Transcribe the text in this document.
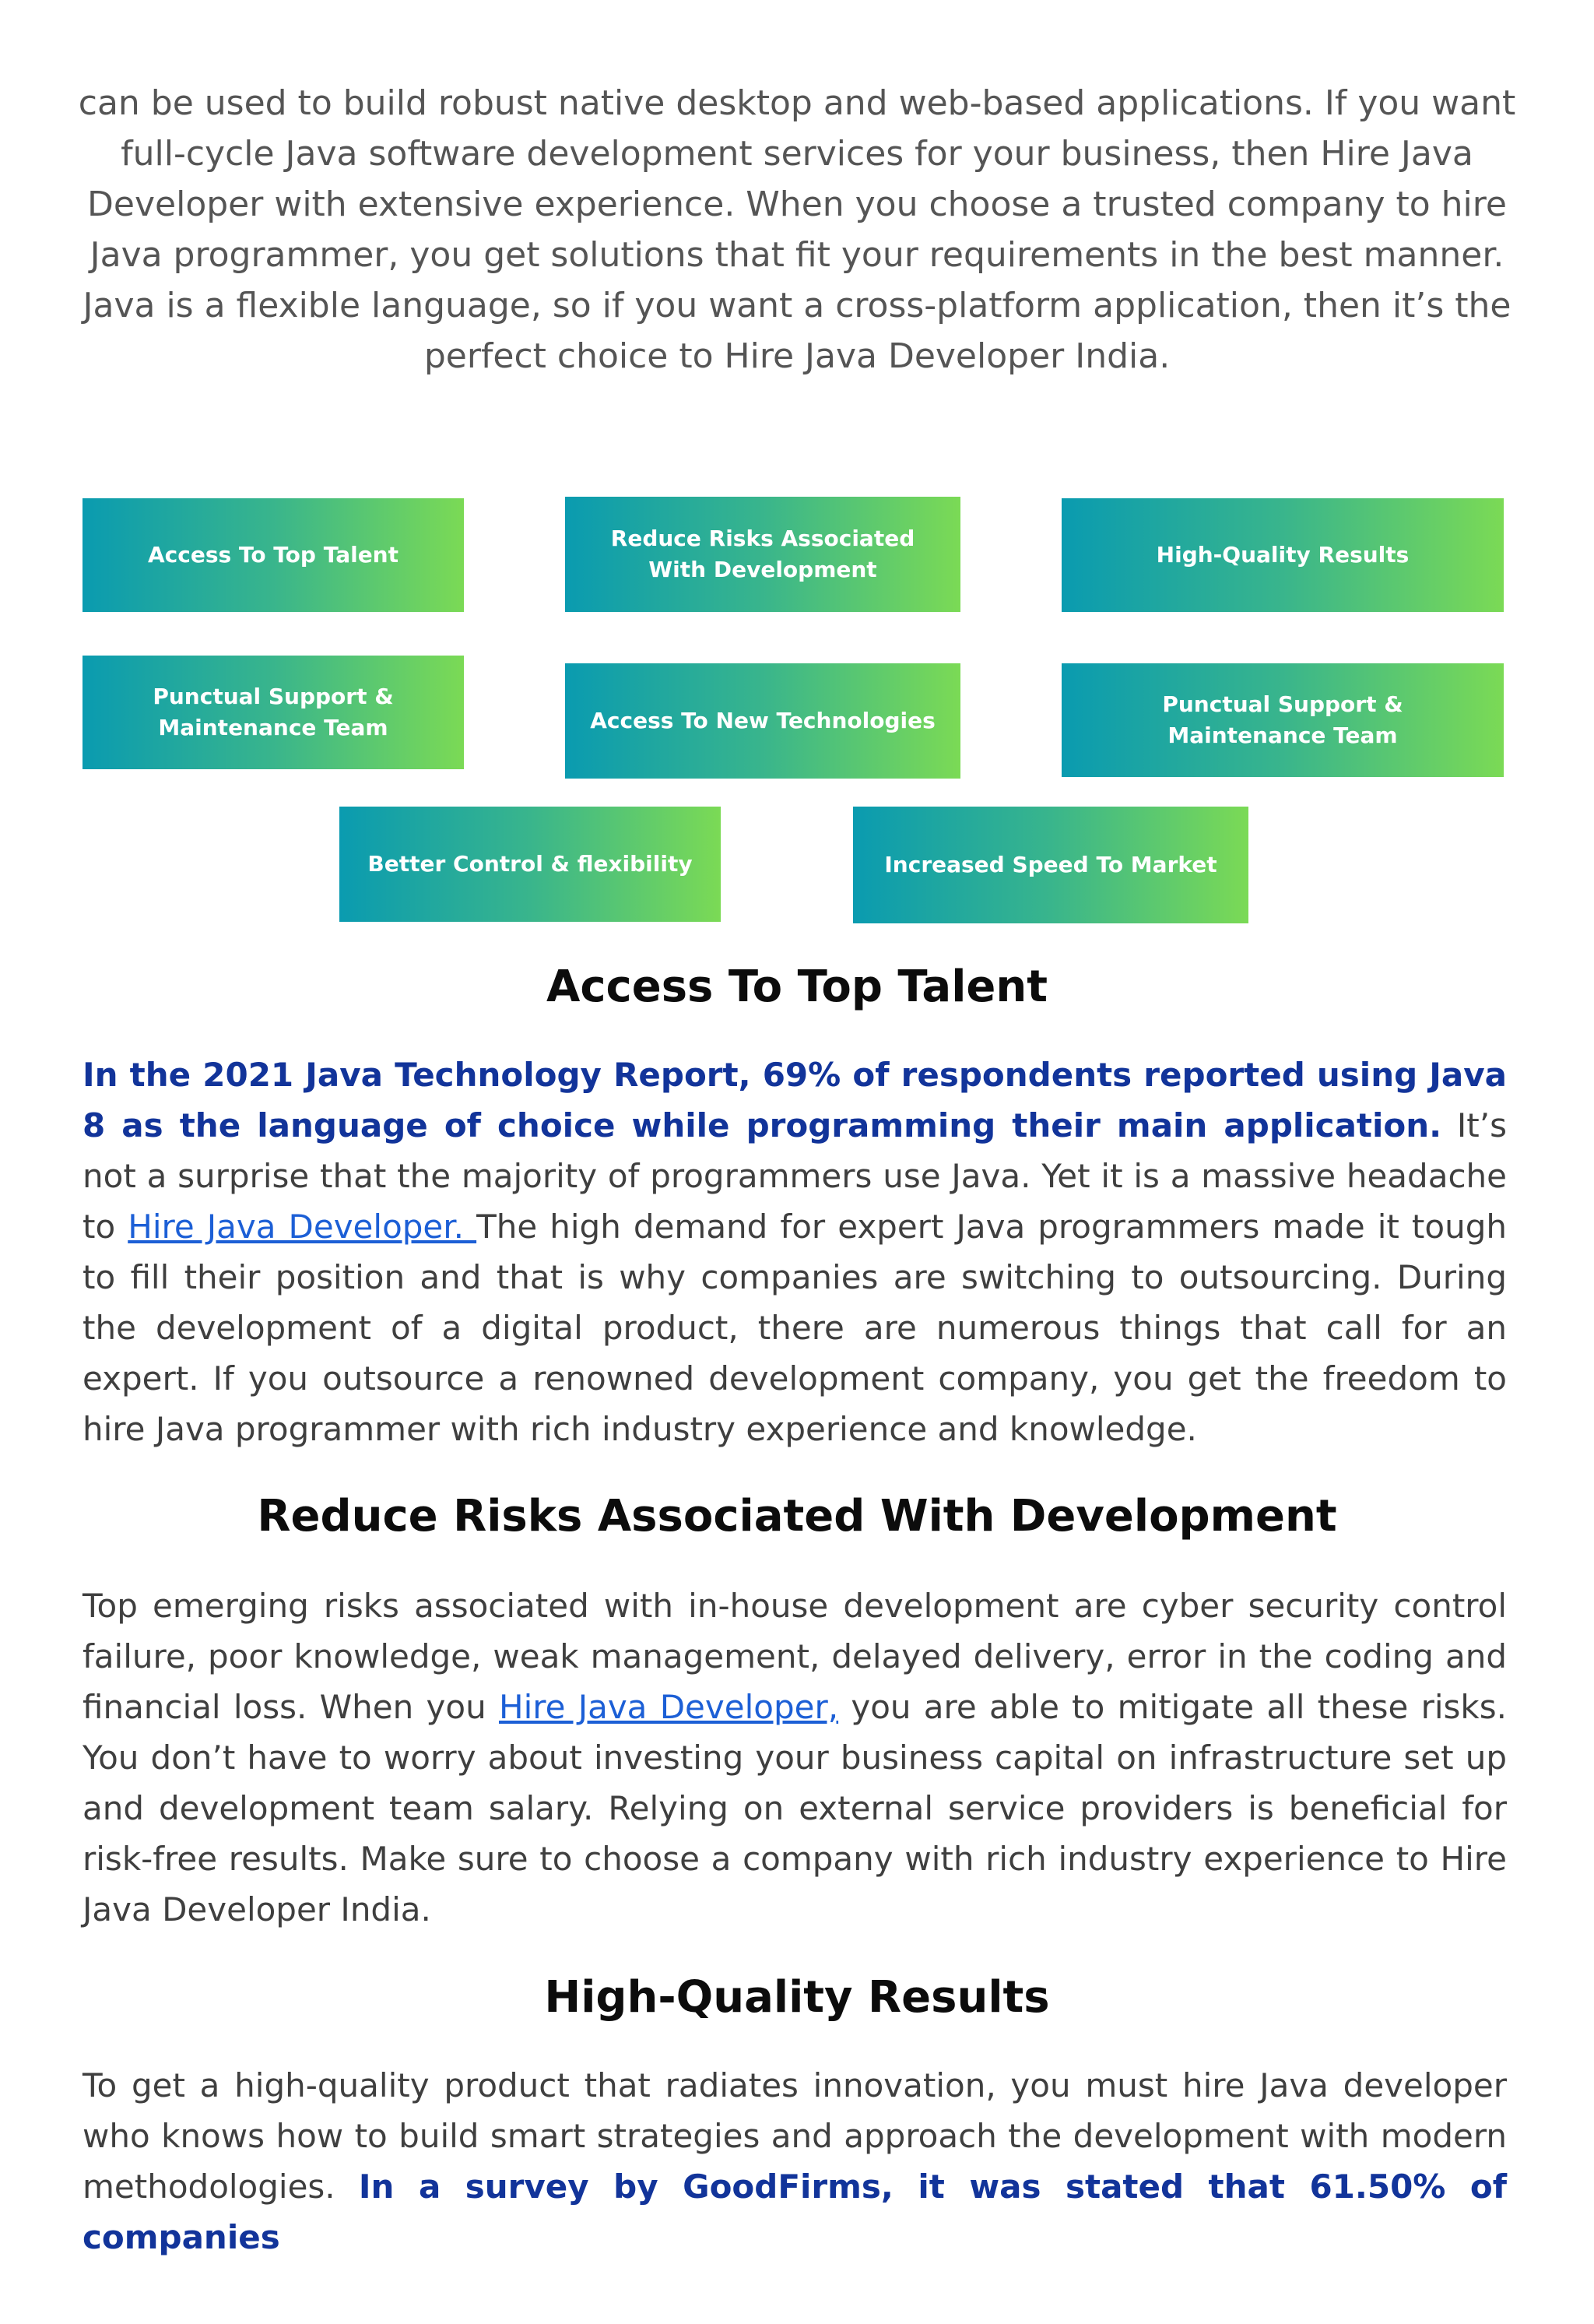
can be used to build robust native desktop and web-based applications. If you want full-cycle Java software development services for your business, then Hire Java Developer with extensive experience. When you choose a trusted company to hire Java programmer, you get solutions that fit your requirements in the best manner. Java is a flexible language, so if you want a cross-platform application, then it’s the perfect choice to Hire Java Developer India.

Access To Top Talent
Reduce Risks Associated With Development
High-Quality Results
Punctual Support & Maintenance Team	Access To New Technologies
Punctual Support & Maintenance Team
Better Control & flexibility	Increased Speed To Market
Access To Top Talent

In the 2021 Java Technology Report, 69% of respondents reported using Java 8 as the language of choice while programming their main application. It’s not a surprise that the majority of programmers use Java. Yet it is a massive headache to Hire Java Developer. The high demand for expert Java programmers made it tough to fill their position and that is why companies are switching to outsourcing. During the development of a digital product, there are numerous things that call for an expert. If you outsource a renowned development company, you get the freedom to hire Java programmer with rich industry experience and knowledge.

Reduce Risks Associated With Development

Top emerging risks associated with in-house development are cyber security control failure, poor knowledge, weak management, delayed delivery, error in the coding and financial loss. When you Hire Java Developer, you are able to mitigate all these risks. You don’t have to worry about investing your business capital on infrastructure set up and development team salary. Relying on external service providers is beneficial for risk-free results. Make sure to choose a company with rich industry experience to Hire Java Developer India.

High-Quality Results

To get a high-quality product that radiates innovation, you must hire Java developer who knows how to build smart strategies and approach the development with modern methodologies. In a survey by GoodFirms, it was stated that 61.50% of companies
